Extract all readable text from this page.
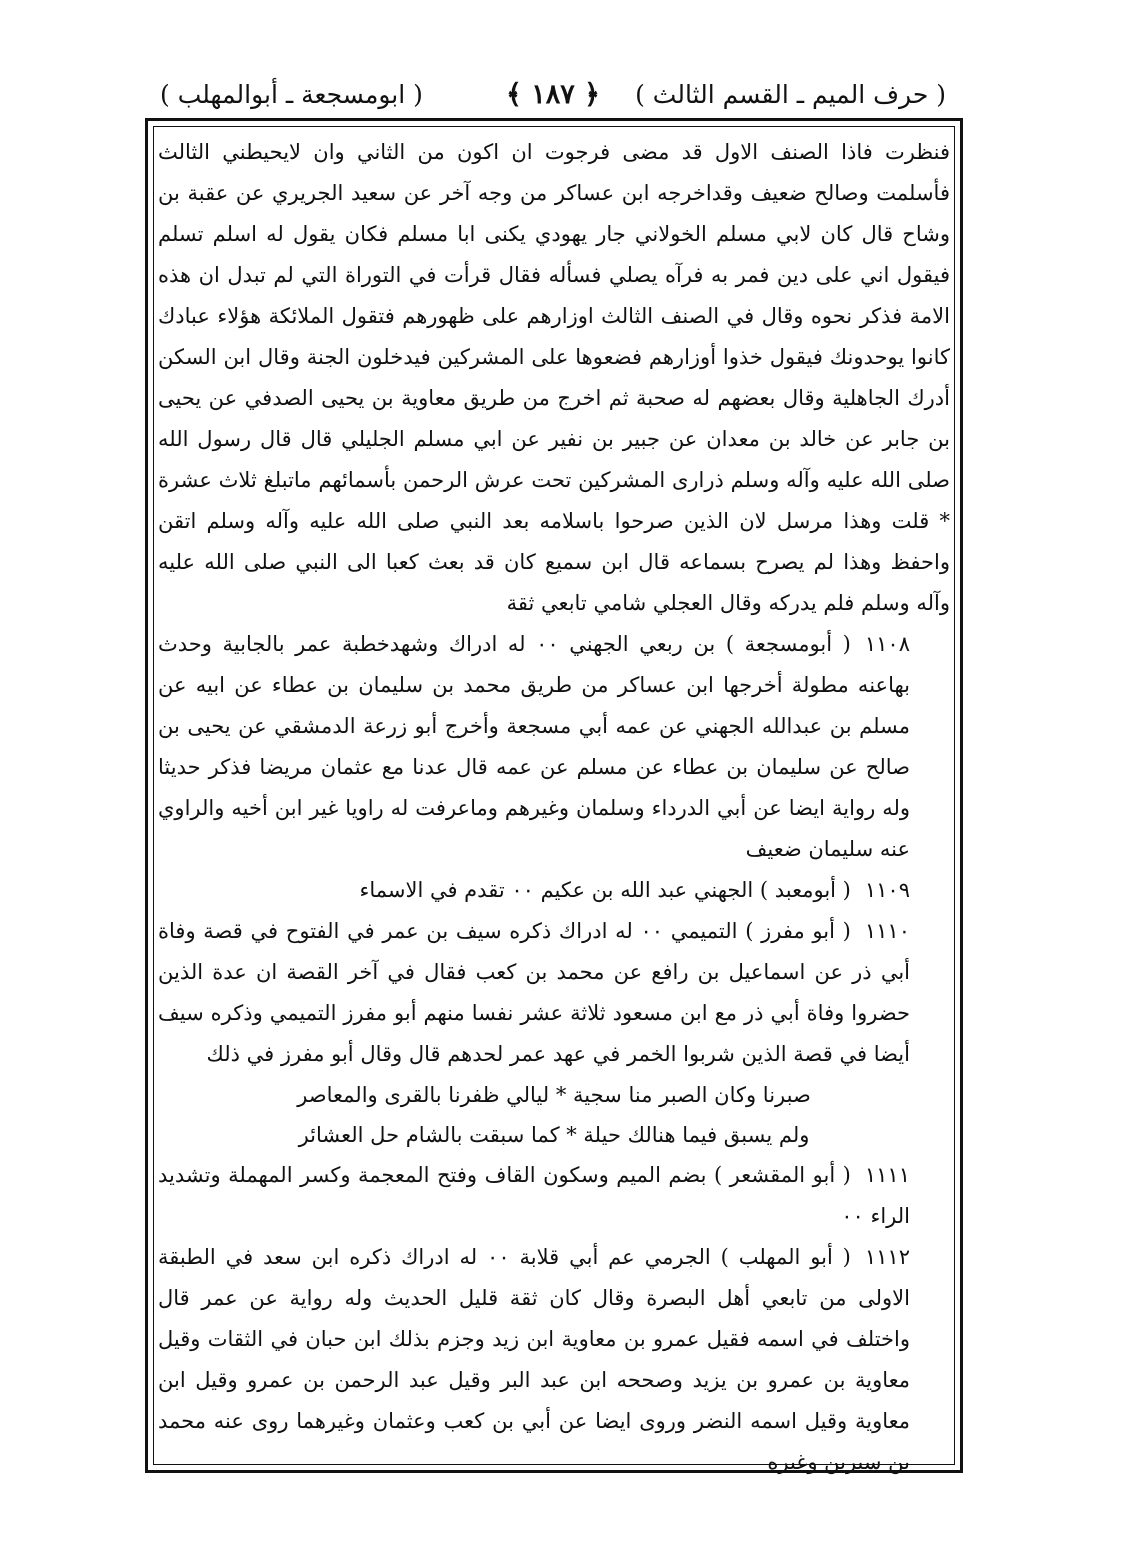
( حرف الميم ـ القسم الثالث )
﴿ ١٨٧ ﴾
( ابومسجعة ـ أبوالمهلب )

فنظرت فاذا الصنف الاول قد مضى فرجوت ان اكون من الثاني وان لايحيطني الثالث فأسلمت وصالح ضعيف وقداخرجه ابن عساكر من وجه آخر عن سعيد الجريري عن عقبة بن وشاح قال كان لابي مسلم الخولاني جار يهودي يكنى ابا مسلم فكان يقول له اسلم تسلم فيقول اني على دين فمر به فرآه يصلي فسأله فقال قرأت في التوراة التي لم تبدل ان هذه الامة فذكر نحوه وقال في الصنف الثالث اوزارهم على ظهورهم فتقول الملائكة هؤلاء عبادك كانوا يوحدونك فيقول خذوا أوزارهم فضعوها على المشركين فيدخلون الجنة وقال ابن السكن أدرك الجاهلية وقال بعضهم له صحبة ثم اخرج من طريق معاوية بن يحيى الصدفي عن يحيى بن جابر عن خالد بن معدان عن جبير بن نفير عن ابي مسلم الجليلي قال قال رسول الله صلى الله عليه وآله وسلم ذرارى المشركين تحت عرش الرحمن بأسمائهم ماتبلغ ثلاث عشرة * قلت وهذا مرسل لان الذين صرحوا باسلامه بعد النبي صلى الله عليه وآله وسلم اتقن واحفظ وهذا لم يصرح بسماعه قال ابن سميع كان قد بعث كعبا الى النبي صلى الله عليه وآله وسلم فلم يدركه وقال العجلي شامي تابعي ثقة

١١٠٨( أبومسجعة ) بن ربعي الجهني ٠٠ له ادراك وشهدخطبة عمر بالجابية وحدث بهاعنه مطولة أخرجها ابن عساكر من طريق محمد بن سليمان بن عطاء عن ابيه عن مسلم بن عبدالله الجهني عن عمه أبي مسجعة وأخرج أبو زرعة الدمشقي عن يحيى بن صالح عن سليمان بن عطاء عن مسلم عن عمه قال عدنا مع عثمان مريضا فذكر حديثا وله رواية ايضا عن أبي الدرداء وسلمان وغيرهم وماعرفت له راويا غير ابن أخيه والراوي عنه سليمان ضعيف

١١٠٩( أبومعبد ) الجهني عبد الله بن عكيم ٠٠ تقدم في الاسماء

١١١٠( أبو مفرز ) التميمي ٠٠ له ادراك ذكره سيف بن عمر في الفتوح في قصة وفاة أبي ذر عن اسماعيل بن رافع عن محمد بن كعب فقال في آخر القصة ان عدة الذين حضروا وفاة أبي ذر مع ابن مسعود ثلاثة عشر نفسا منهم أبو مفرز التميمي وذكره سيف أيضا في قصة الذين شربوا الخمر في عهد عمر لحدهم قال وقال أبو مفرز في ذلك

صبرنا وكان الصبر منا سجية * ليالي ظفرنا بالقرى والمعاصر

ولم يسبق فيما هنالك حيلة * كما سبقت بالشام حل العشائر

١١١١( أبو المقشعر ) بضم الميم وسكون القاف وفتح المعجمة وكسر المهملة وتشديد الراء ٠٠

١١١٢( أبو المهلب ) الجرمي عم أبي قلابة ٠٠ له ادراك ذكره ابن سعد في الطبقة الاولى من تابعي أهل البصرة وقال كان ثقة قليل الحديث وله رواية عن عمر قال واختلف في اسمه فقيل عمرو بن معاوية ابن زيد وجزم بذلك ابن حبان في الثقات وقيل معاوية بن عمرو بن يزيد وصححه ابن عبد البر وقيل عبد الرحمن بن عمرو وقيل ابن معاوية وقيل اسمه النضر وروى ايضا عن أبي بن كعب وعثمان وغيرهما روى عنه محمد بن سيرين وغيره
